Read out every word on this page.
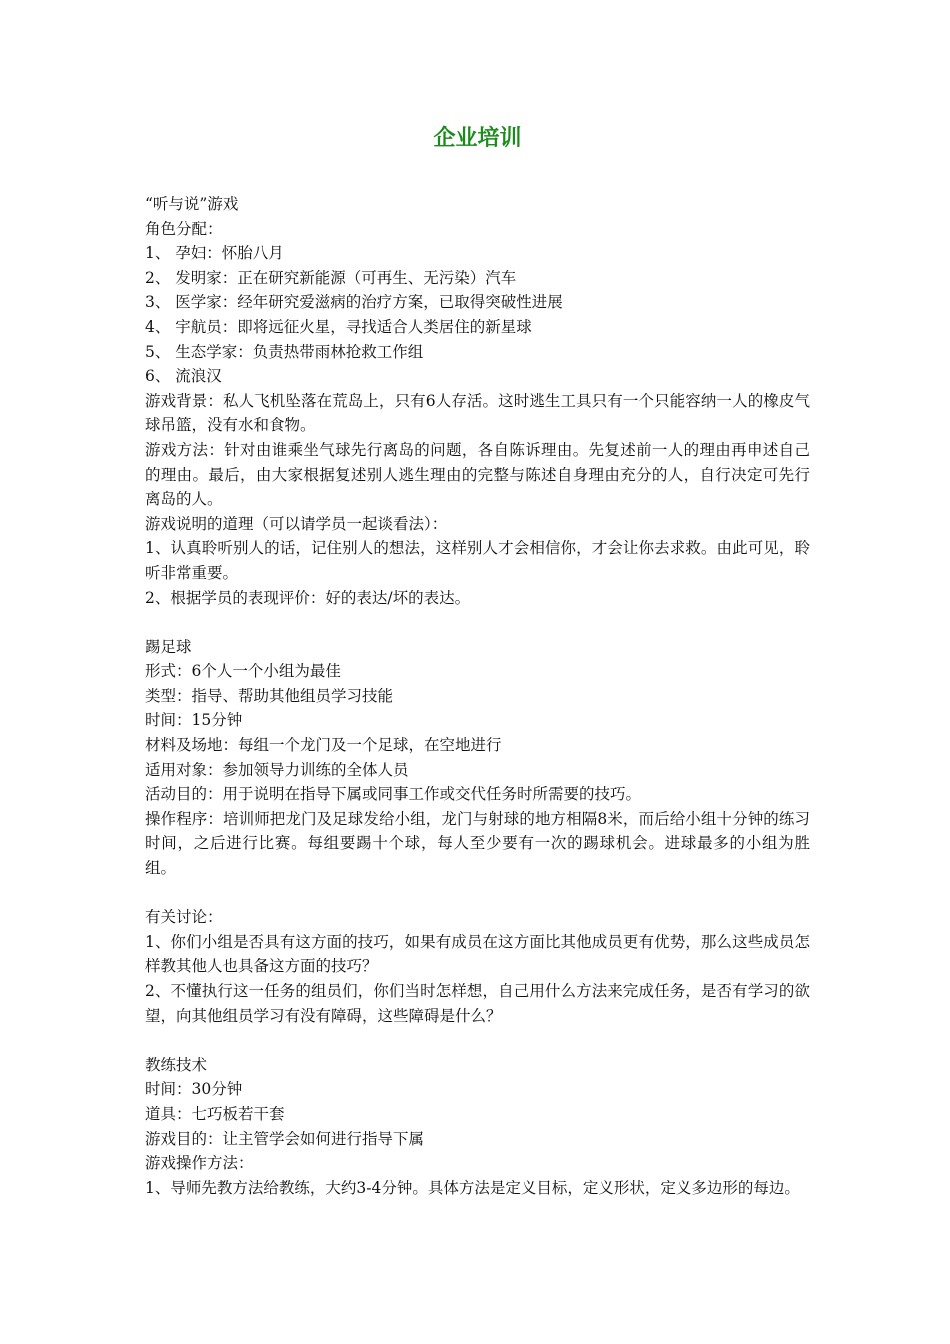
企业培训

“听与说”游戏

角色分配：

1、 孕妇：怀胎八月

2、 发明家：正在研究新能源（可再生、无污染）汽车

3、 医学家：经年研究爱滋病的治疗方案，已取得突破性进展

4、 宇航员：即将远征火星，寻找适合人类居住的新星球

5、 生态学家：负责热带雨林抢救工作组

6、 流浪汉

游戏背景：私人飞机坠落在荒岛上，只有6人存活。这时逃生工具只有一个只能容纳一人的橡皮气球吊篮，没有水和食物。

游戏方法：针对由谁乘坐气球先行离岛的问题，各自陈诉理由。先复述前一人的理由再申述自己的理由。最后，由大家根据复述别人逃生理由的完整与陈述自身理由充分的人，自行决定可先行离岛的人。

游戏说明的道理（可以请学员一起谈看法）：

1、认真聆听别人的话，记住别人的想法，这样别人才会相信你，才会让你去求救。由此可见，聆听非常重要。

2、根据学员的表现评价：好的表达/坏的表达。

踢足球

形式：6个人一个小组为最佳

类型：指导、帮助其他组员学习技能

时间：15分钟

材料及场地：每组一个龙门及一个足球，在空地进行

适用对象：参加领导力训练的全体人员

活动目的：用于说明在指导下属或同事工作或交代任务时所需要的技巧。

操作程序：培训师把龙门及足球发给小组，龙门与射球的地方相隔8米，而后给小组十分钟的练习时间，之后进行比赛。每组要踢十个球，每人至少要有一次的踢球机会。进球最多的小组为胜组。

有关讨论：

1、你们小组是否具有这方面的技巧，如果有成员在这方面比其他成员更有优势，那么这些成员怎样教其他人也具备这方面的技巧？

2、不懂执行这一任务的组员们，你们当时怎样想，自己用什么方法来完成任务，是否有学习的欲望，向其他组员学习有没有障碍，这些障碍是什么？

教练技术

时间：30分钟

道具：七巧板若干套

游戏目的：让主管学会如何进行指导下属

游戏操作方法：

1、导师先教方法给教练，大约3-4分钟。具体方法是定义目标，定义形状，定义多边形的每边。
